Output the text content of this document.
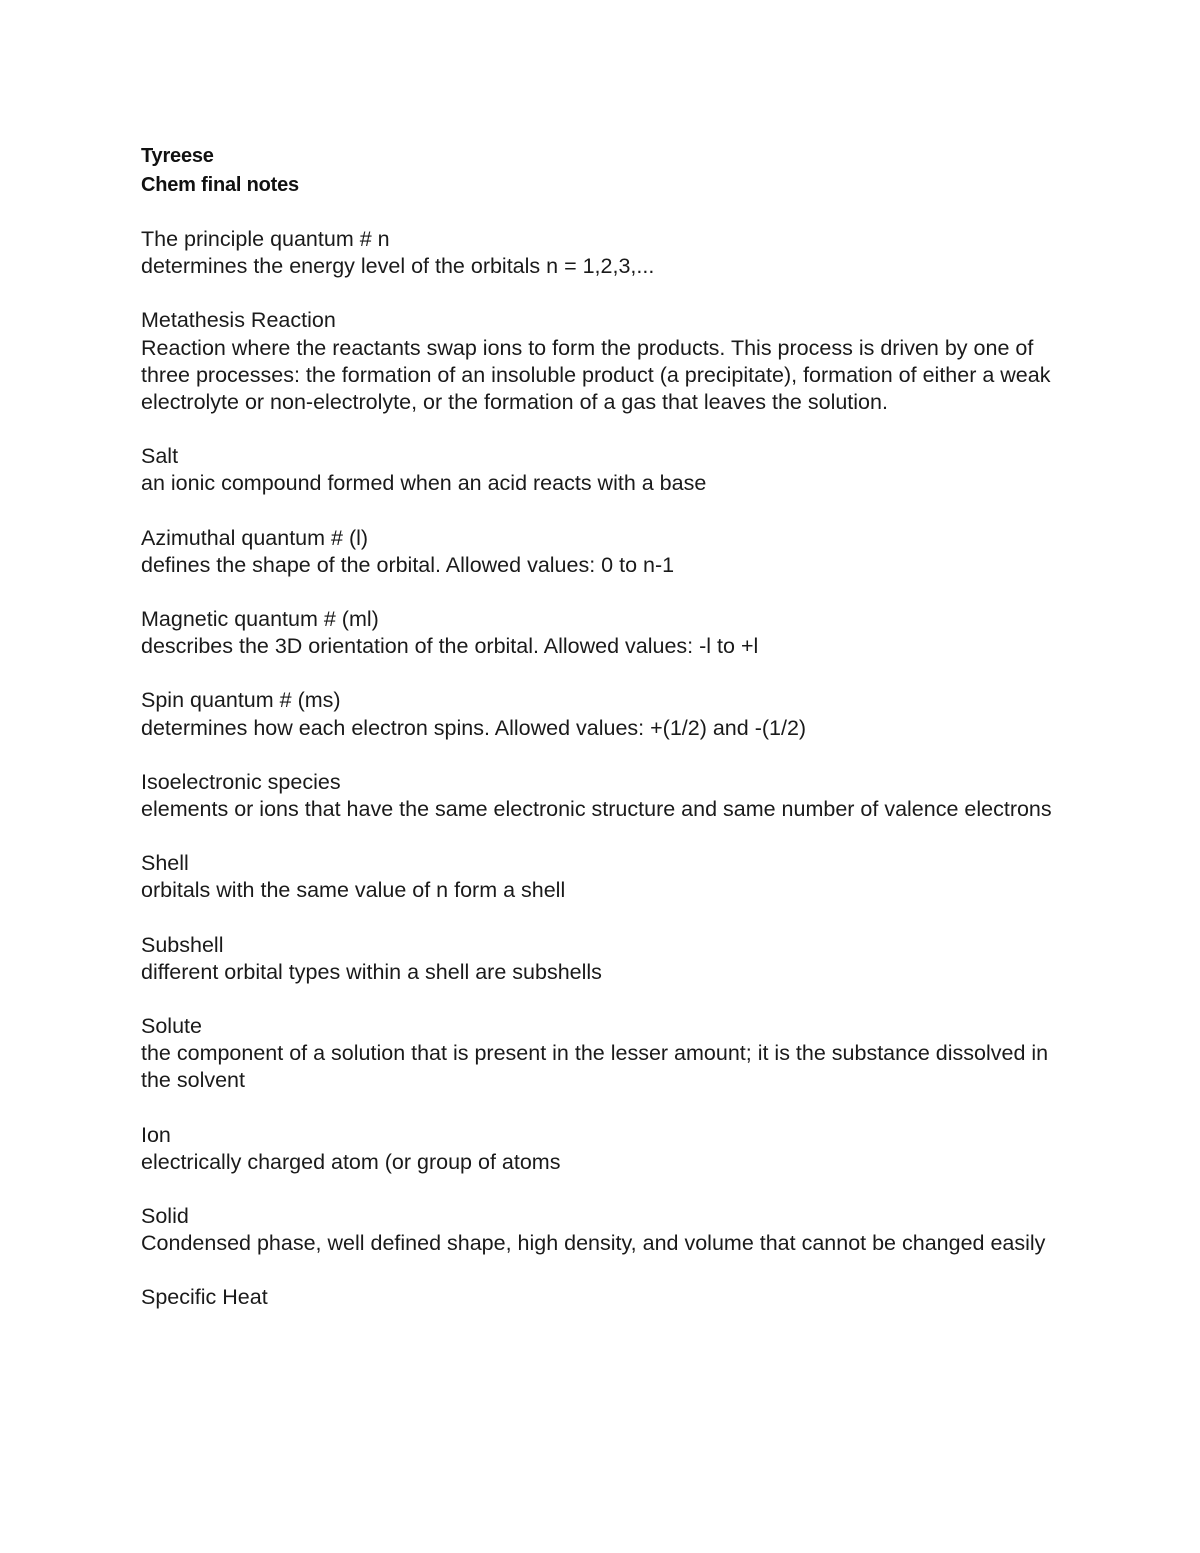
Tyreese

Chem final notes

The principle quantum # n

determines the energy level of the orbitals n = 1,2,3,...

Metathesis Reaction

Reaction where the reactants swap ions to form the products. This process is driven by one of three processes: the formation of an insoluble product (a precipitate), formation of either a weak electrolyte or non-electrolyte, or the formation of a gas that leaves the solution.

Salt

an ionic compound formed when an acid reacts with a base

Azimuthal quantum # (l)

defines the shape of the orbital. Allowed values: 0 to n-1

Magnetic quantum # (ml)

describes the 3D orientation of the orbital. Allowed values: -l to +l

Spin quantum # (ms)

determines how each electron spins. Allowed values: +(1/2) and -(1/2)

Isoelectronic species

elements or ions that have the same electronic structure and same number of valence electrons

Shell

orbitals with the same value of n form a shell

Subshell

different orbital types within a shell are subshells

Solute

the component of a solution that is present in the lesser amount; it is the substance dissolved in the solvent

Ion

electrically charged atom (or group of atoms

Solid

Condensed phase, well defined shape, high density, and volume that cannot be changed easily

Specific Heat
